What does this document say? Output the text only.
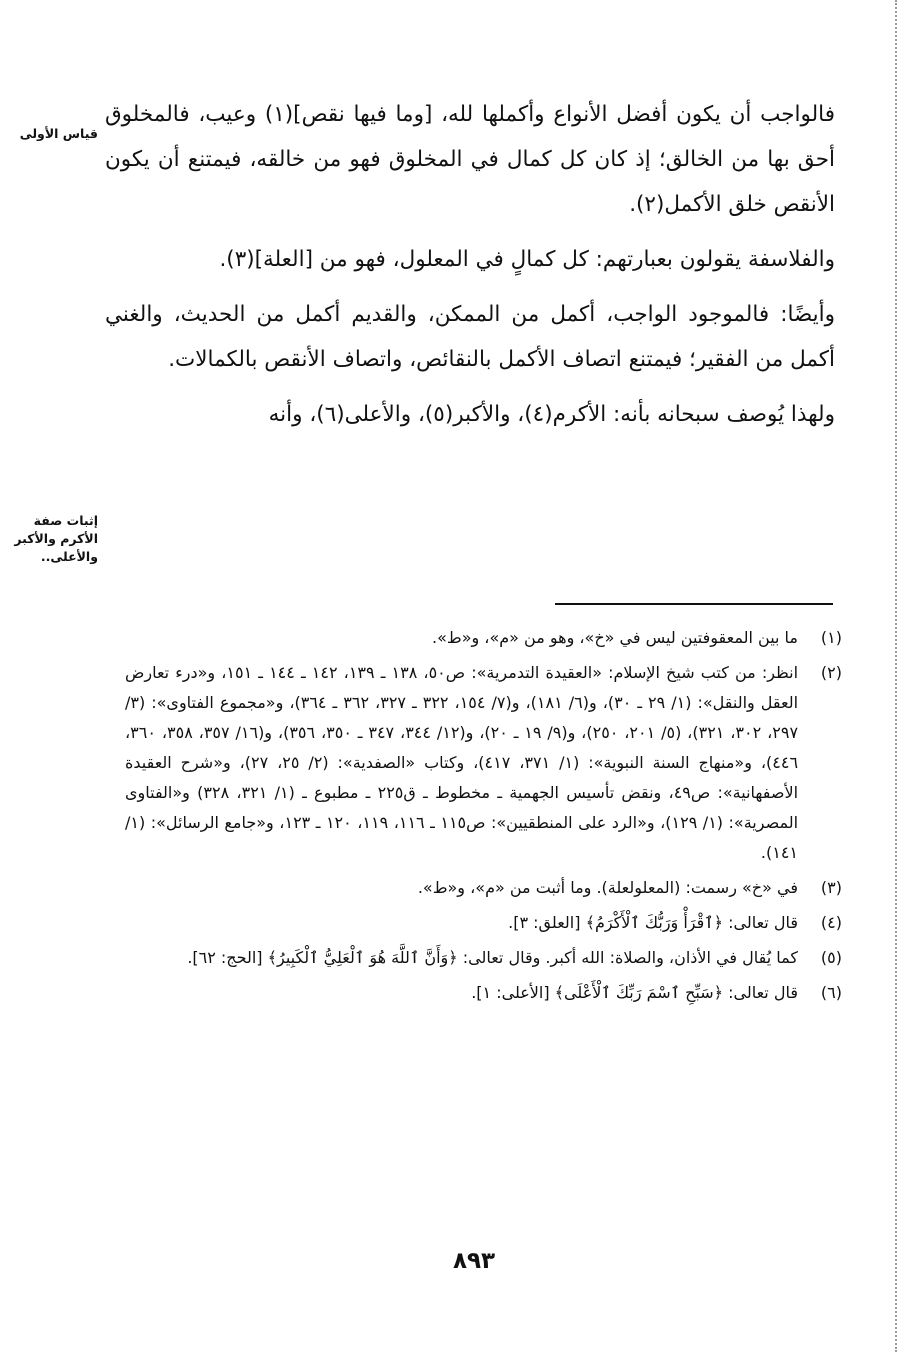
فالواجب أن يكون أفضل الأنواع وأكملها لله، [وما فيها نقص](١) وعيب، فالمخلوق أحق بها من الخالق؛ إذ كان كل كمال في المخلوق فهو من خالقه، فيمتنع أن يكون الأنقص خلق الأكمل(٢).

والفلاسفة يقولون بعبارتهم: كل كمالٍ في المعلول، فهو من [العلة](٣).

وأيضًا: فالموجود الواجب، أكمل من الممكن، والقديم أكمل من الحديث، والغني أكمل من الفقير؛ فيمتنع اتصاف الأكمل بالنقائص، واتصاف الأنقص بالكمالات.

ولهذا يُوصف سبحانه بأنه: الأكرم(٤)، والأكبر(٥)، والأعلى(٦)، وأنه

قياس الأولى
إثبات صفة الأكرم والأكبر والأعلى..
(١)
ما بين المعقوفتين ليس في «خ»، وهو من «م»، و«ط».
(٢)
انظر: من كتب شيخ الإسلام: «العقيدة التدمرية»: ص٥٠، ١٣٨ ـ ١٣٩، ١٤٢ ـ ١٤٤ ـ ١٥١، و«درء تعارض العقل والنقل»: (١/ ٢٩ ـ ٣٠)، و(٦/ ١٨١)، و(٧/ ١٥٤، ٣٢٢ ـ ٣٢٧، ٣٦٢ ـ ٣٦٤)، و«مجموع الفتاوى»: (٣/ ٢٩٧، ٣٠٢، ٣٢١)، (٥/ ٢٠١، ٢٥٠)، و(٩/ ١٩ ـ ٢٠)، و(١٢/ ٣٤٤، ٣٤٧ ـ ٣٥٠، ٣٥٦)، و(١٦/ ٣٥٧، ٣٥٨، ٣٦٠، ٤٤٦)، و«منهاج السنة النبوية»: (١/ ٣٧١، ٤١٧)، وكتاب «الصفدية»: (٢/ ٢٥، ٢٧)، و«شرح العقيدة الأصفهانية»: ص٤٩، ونقض تأسيس الجهمية ـ مخطوط ـ ق٢٢٥ ـ مطبوع ـ (١/ ٣٢١، ٣٢٨) و«الفتاوى المصرية»: (١/ ١٢٩)، و«الرد على المنطقيين»: ص١١٥ ـ ١١٦، ١١٩، ١٢٠ ـ ١٢٣، و«جامع الرسائل»: (١/ ١٤١).
(٣)
في «خ» رسمت: (المعلولعلة). وما أثبت من «م»، و«ط».
(٤)
قال تعالى: ﴿ٱقْرَأْ وَرَبُّكَ ٱلْأَكْرَمُ﴾ [العلق: ٣].
(٥)
كما يُقال في الأذان، والصلاة: الله أكبر. وقال تعالى: ﴿وَأَنَّ ٱللَّهَ هُوَ ٱلْعَلِيُّ ٱلْكَبِيرُ﴾ [الحج: ٦٢].
(٦)
قال تعالى: ﴿سَبِّحِ ٱسْمَ رَبِّكَ ٱلْأَعْلَى﴾ [الأعلى: ١].
٨٩٣
